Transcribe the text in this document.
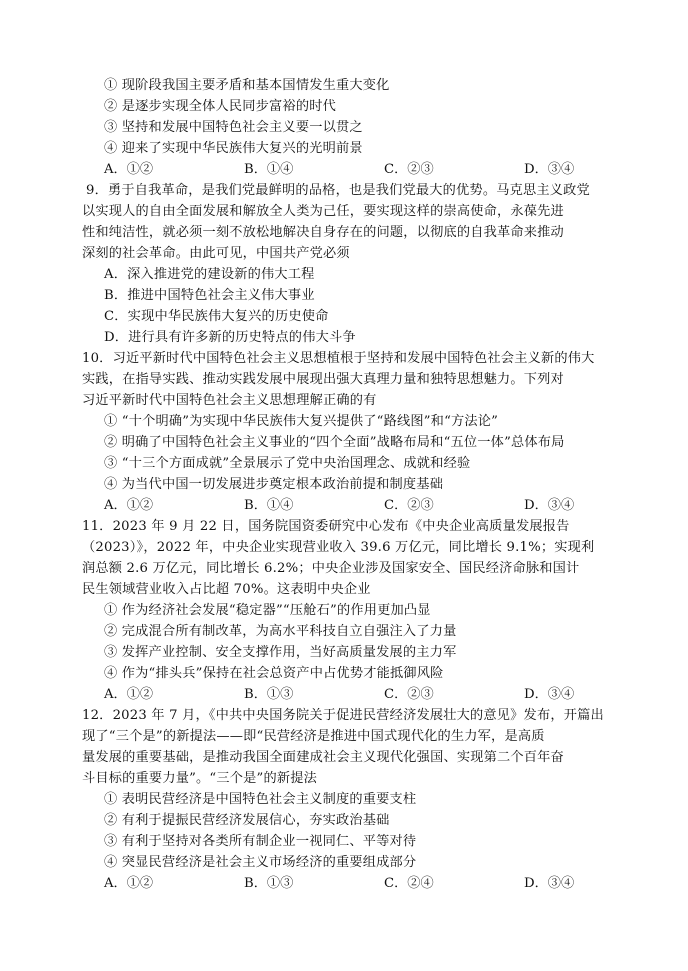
① 现阶段我国主要矛盾和基本国情发生重大变化
② 是逐步实现全体人民同步富裕的时代
③ 坚持和发展中国特色社会主义要一以贯之
④ 迎来了实现中华民族伟大复兴的光明前景
A．①②	B．①④	C．②③	D．③④
9．勇于自我革命，是我们党最鲜明的品格，也是我们党最大的优势。马克思主义政党
以实现人的自由全面发展和解放全人类为己任，要实现这样的崇高使命，永葆先进
性和纯洁性，就必须一刻不放松地解决自身存在的问题，以彻底的自我革命来推动
深刻的社会革命。由此可见，中国共产党必须
A．深入推进党的建设新的伟大工程
B．推进中国特色社会主义伟大事业
C．实现中华民族伟大复兴的历史使命
D．进行具有许多新的历史特点的伟大斗争
10．习近平新时代中国特色社会主义思想植根于坚持和发展中国特色社会主义新的伟大
实践，在指导实践、推动实践发展中展现出强大真理力量和独特思想魅力。下列对
习近平新时代中国特色社会主义思想理解正确的有
① “十个明确”为实现中华民族伟大复兴提供了“路线图”和“方法论”
② 明确了中国特色社会主义事业的“四个全面”战略布局和“五位一体”总体布局
③ “十三个方面成就”全景展示了党中央治国理念、成就和经验
④ 为当代中国一切发展进步奠定根本政治前提和制度基础
A．①②	B．①④	C．②③	D．③④
11．2023 年 9 月 22 日，国务院国资委研究中心发布《中央企业高质量发展报告
（2023）》，2022 年，中央企业实现营业收入 39.6 万亿元，同比增长 9.1%；实现利
润总额 2.6 万亿元，同比增长 6.2%；中央企业涉及国家安全、国民经济命脉和国计
民生领域营业收入占比超 70%。这表明中央企业
① 作为经济社会发展“稳定器”“压舱石”的作用更加凸显
② 完成混合所有制改革，为高水平科技自立自强注入了力量
③ 发挥产业控制、安全支撑作用，当好高质量发展的主力军
④ 作为“排头兵”保持在社会总资产中占优势才能抵御风险
A．①②	B．①③	C．②③	D．③④
12．2023 年 7 月，《中共中央国务院关于促进民营经济发展壮大的意见》发布，开篇出
现了“三个是”的新提法——即“民营经济是推进中国式现代化的生力军，是高质
量发展的重要基础，是推动我国全面建成社会主义现代化强国、实现第二个百年奋
斗目标的重要力量”。“三个是”的新提法
① 表明民营经济是中国特色社会主义制度的重要支柱
② 有利于提振民营经济发展信心，夯实政治基础
③ 有利于坚持对各类所有制企业一视同仁、平等对待
④ 突显民营经济是社会主义市场经济的重要组成部分
A．①②	B．①③	C．②④	D．③④
